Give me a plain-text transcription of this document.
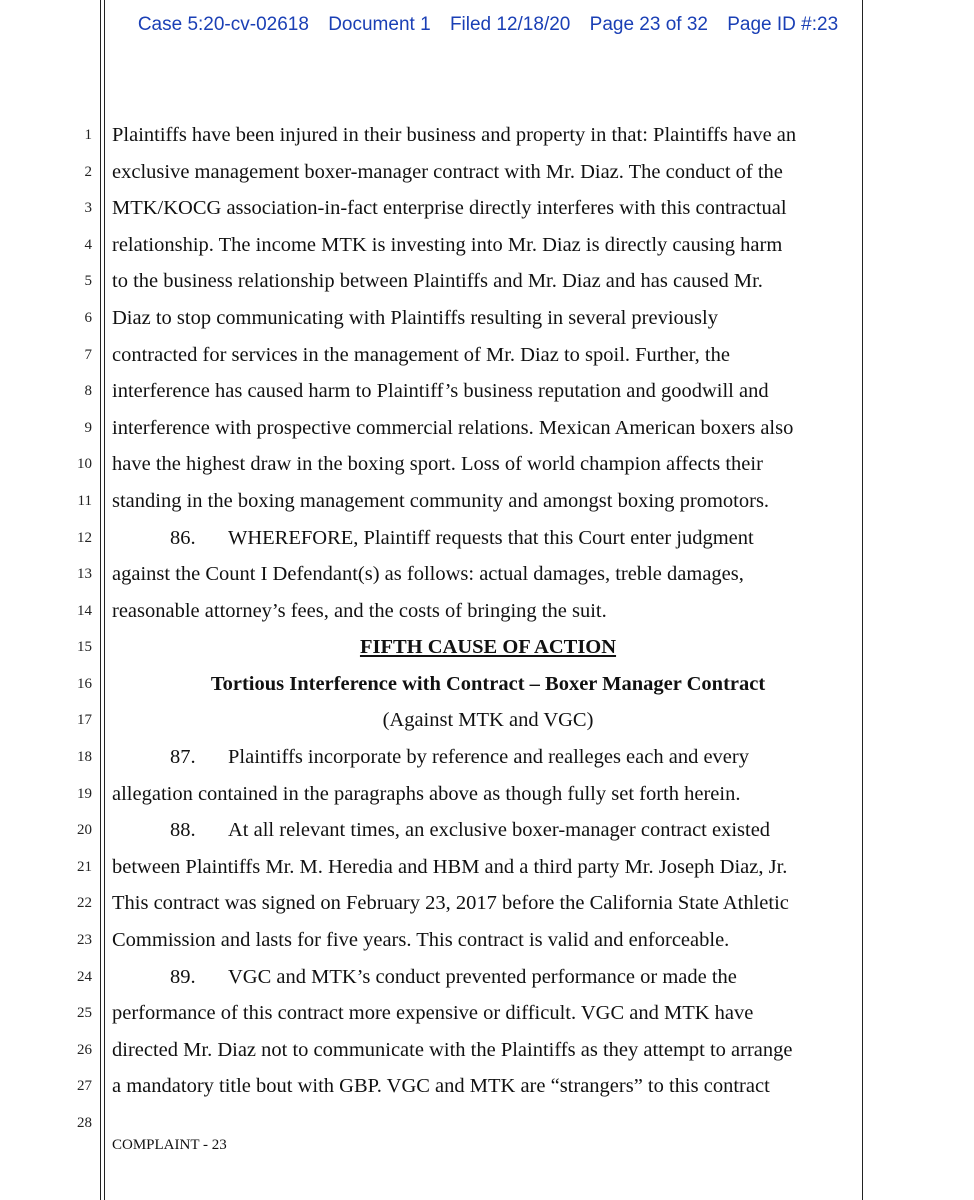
Case 5:20-cv-02618 Document 1 Filed 12/18/20 Page 23 of 32 Page ID #:23
1
2
3
4
5
6
7
8
9
10
11
12
13
14
15
16
17
18
19
20
21
22
23
24
25
26
27
28
Plaintiffs have been injured in their business and property in that: Plaintiffs have an
exclusive management boxer-manager contract with Mr. Diaz. The conduct of the
MTK/KOCG association-in-fact enterprise directly interferes with this contractual
relationship. The income MTK is investing into Mr. Diaz is directly causing harm
to the business relationship between Plaintiffs and Mr. Diaz and has caused Mr.
Diaz to stop communicating with Plaintiffs resulting in several previously
contracted for services in the management of Mr. Diaz to spoil. Further, the
interference has caused harm to Plaintiff’s business reputation and goodwill and
interference with prospective commercial relations. Mexican American boxers also
have the highest draw in the boxing sport. Loss of world champion affects their
standing in the boxing management community and amongst boxing promotors.
86. WHEREFORE, Plaintiff requests that this Court enter judgment
against the Count I Defendant(s) as follows: actual damages, treble damages,
reasonable attorney’s fees, and the costs of bringing the suit.
FIFTH CAUSE OF ACTION
Tortious Interference with Contract – Boxer Manager Contract
(Against MTK and VGC)
87. Plaintiffs incorporate by reference and realleges each and every
allegation contained in the paragraphs above as though fully set forth herein.
88. At all relevant times, an exclusive boxer-manager contract existed
between Plaintiffs Mr. M. Heredia and HBM and a third party Mr. Joseph Diaz, Jr.
This contract was signed on February 23, 2017 before the California State Athletic
Commission and lasts for five years. This contract is valid and enforceable.
89. VGC and MTK’s conduct prevented performance or made the
performance of this contract more expensive or difficult. VGC and MTK have
directed Mr. Diaz not to communicate with the Plaintiffs as they attempt to arrange
a mandatory title bout with GBP. VGC and MTK are “strangers” to this contract
COMPLAINT - 23
